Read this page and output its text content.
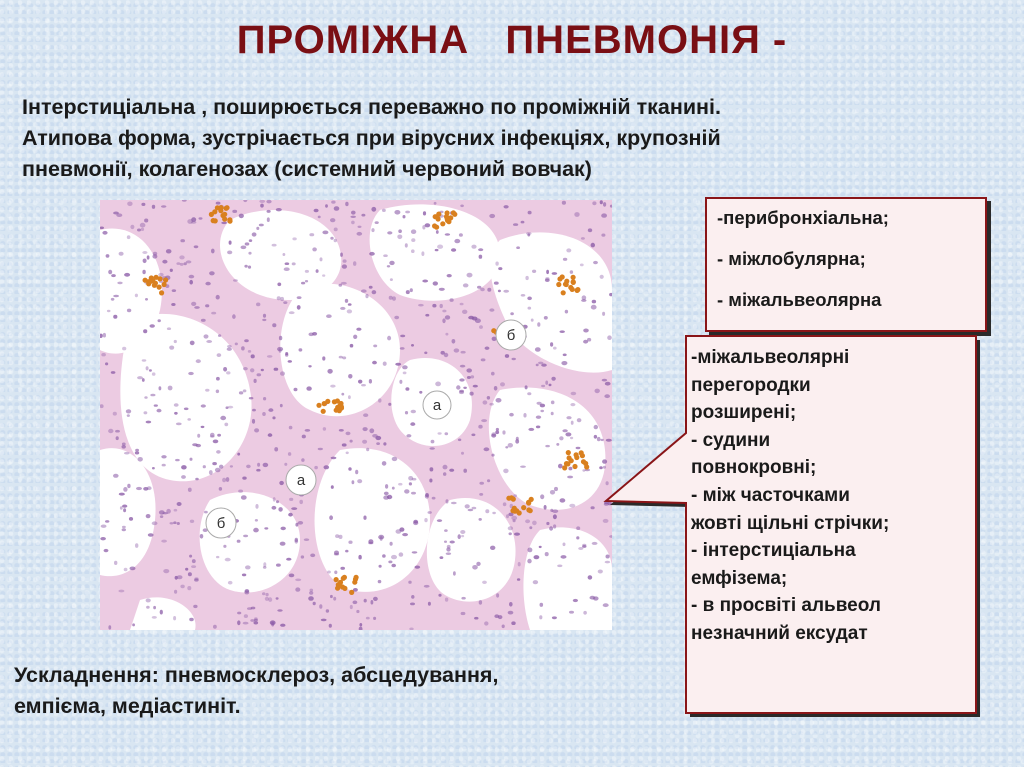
ПРОМІЖНА   ПНЕВМОНІЯ -
Інтерстиціальна , поширюється переважно по проміжній тканині.
Атипова форма, зустрічається при вірусних інфекціях, крупозній
пневмонії, колагенозах (системний червоний вовчак)
б
а
а
б
-перибронхіальна;
- міжлобулярна;
- міжальвеолярна
-міжальвеолярні
перегородки
розширені;
- судини
повнокровні;
- між часточками
жовті щільні стрічки;
- інтерстиціальна
емфізема;
- в просвіті альвеол
незначний ексудат
Ускладнення: пневмосклероз, абсцедування,
емпієма, медіастиніт.
